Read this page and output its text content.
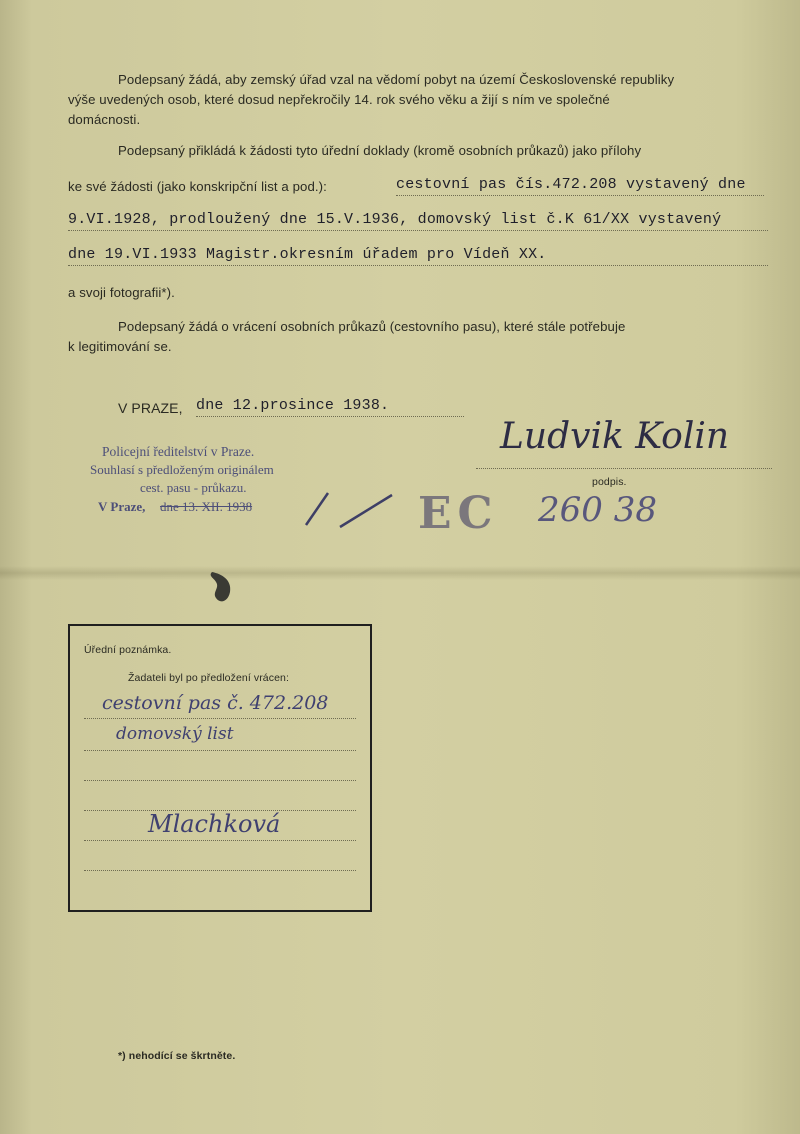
Podepsaný žádá, aby zemský úřad vzal na vědomí pobyt na území Československé republiky
výše uvedených osob, které dosud nepřekročily 14. rok svého věku a žijí s ním ve společné
domácnosti.
Podepsaný přikládá k žádosti tyto úřední doklady (kromě osobních průkazů) jako přílohy
ke své žádosti (jako konskripční list a pod.):	cestovní pas čís.472.208 vystavený dne
9.VI.1928, prodloužený dne 15.V.1936, domovský list č.K 61/XX vystavený
dne 19.VI.1933 Magistr.okresním úřadem pro Vídeň XX.
a svoji fotografii*).
Podepsaný žádá o vrácení osobních průkazů (cestovního pasu), které stále potřebuje
k legitimování se.
V PRAZE, dne 12.prosince 1938.
Policejní ředitelství v Praze.
Souhlasí s předloženým originálem
cest. pasu - průkazu.
V Praze, dne 13. XII. 1938	EC 260 38
Ludvik Kolin
podpis.
Úřední poznámka.
Žadateli byl po předložení vrácen:
cestovní pas č. 472.208
domovský list
Mlachková
*) nehodící se škrtněte.
